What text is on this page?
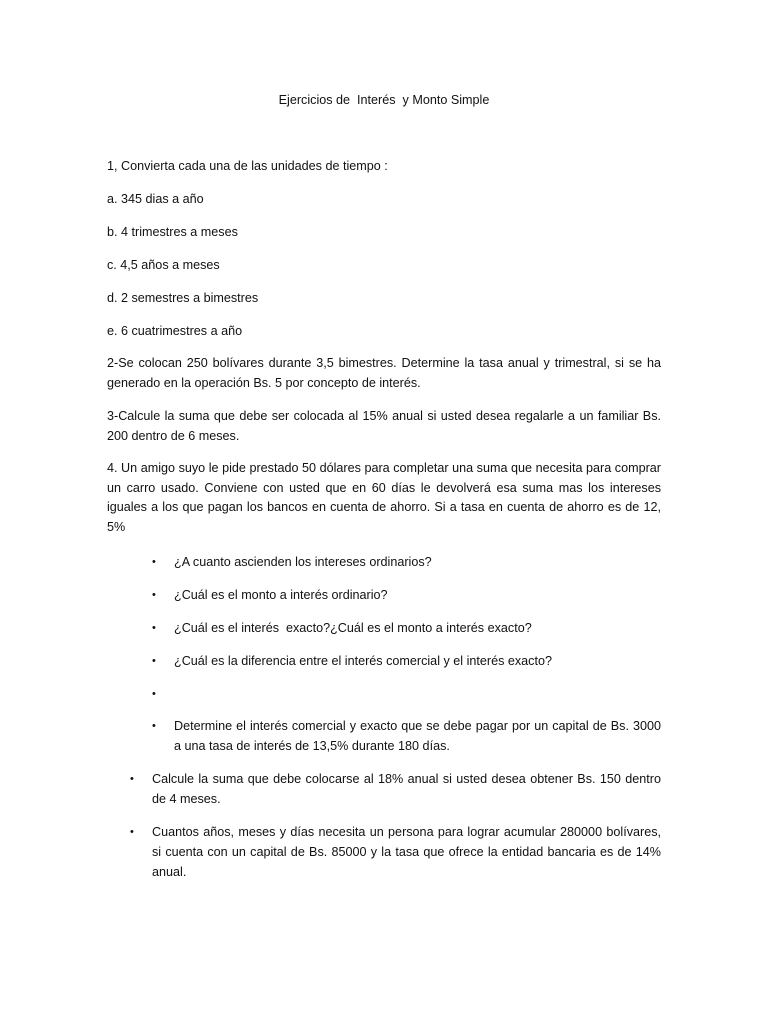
Ejercicios de  Interés  y Monto Simple
1, Convierta cada una de las unidades de tiempo :
a. 345 dias a año
b. 4 trimestres a meses
c. 4,5 años a meses
d. 2 semestres a bimestres
e. 6 cuatrimestres a año
2-Se colocan 250 bolívares durante 3,5 bimestres. Determine la tasa anual y trimestral, si se ha generado en la operación Bs. 5 por concepto de interés.
3-Calcule la suma que debe ser colocada al 15% anual si usted desea regalarle a un familiar Bs. 200 dentro de 6 meses.
4. Un amigo suyo le pide prestado 50 dólares para completar una suma que necesita para comprar un carro usado. Conviene con usted que en 60 días le devolverá esa suma mas los intereses iguales a los que pagan los bancos en cuenta de ahorro. Si a tasa en cuenta de ahorro es de 12, 5%
• ¿A cuanto ascienden los intereses ordinarios?
• ¿Cuál es el monto a interés ordinario?
• ¿Cuál es el interés  exacto?¿Cuál es el monto a interés exacto?
• ¿Cuál es la diferencia entre el interés comercial y el interés exacto?
•
• Determine el interés comercial y exacto que se debe pagar por un capital de Bs. 3000 a una tasa de interés de 13,5% durante 180 días.
• Calcule la suma que debe colocarse al 18% anual si usted desea obtener Bs. 150 dentro de 4 meses.
• Cuantos años, meses y días necesita un persona para lograr acumular 280000 bolívares, si cuenta con un capital de Bs. 85000 y la tasa que ofrece la entidad bancaria es de 14% anual.
